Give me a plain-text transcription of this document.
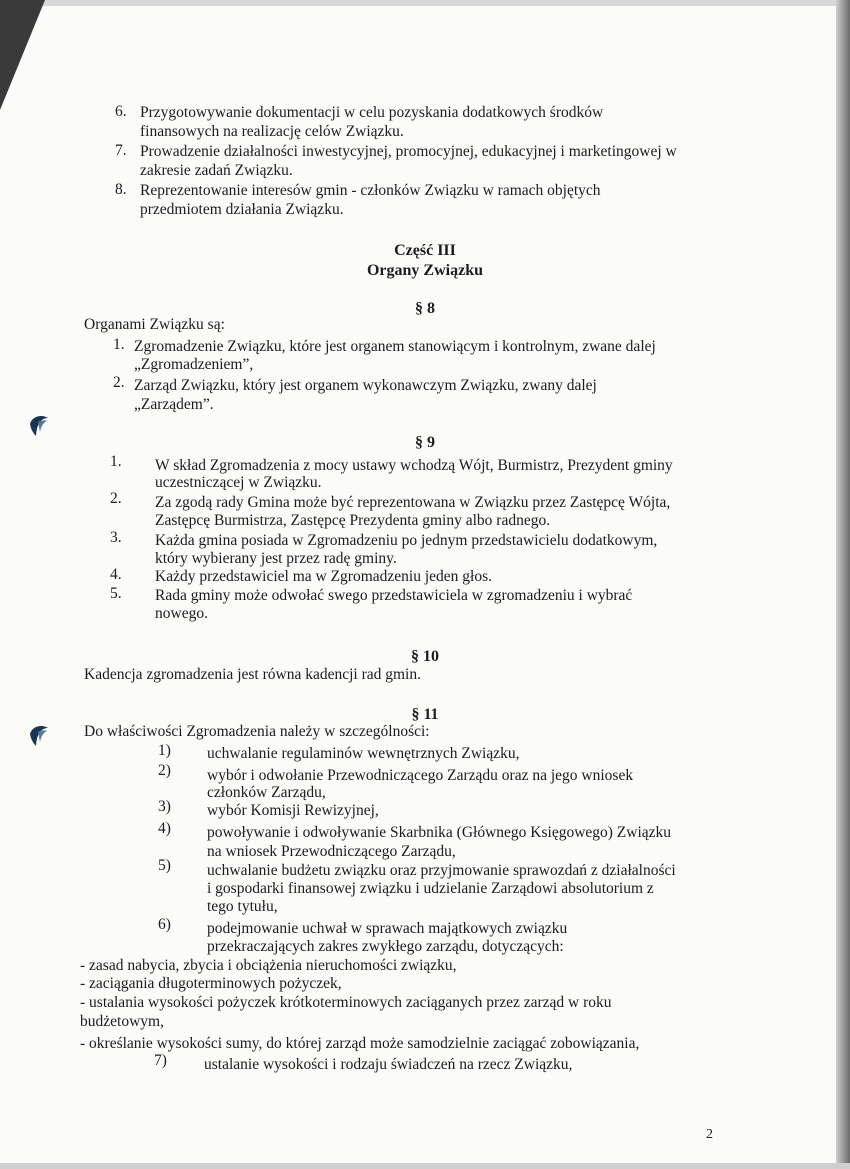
6. Przygotowywanie dokumentacji w celu pozyskania dodatkowych środków
finansowych na realizację celów Związku.
7. Prowadzenie działalności inwestycyjnej, promocyjnej, edukacyjnej i marketingowej w
zakresie zadań Związku.
8. Reprezentowanie interesów gmin - członków Związku w ramach objętych
przedmiotem działania Związku.
Część III
Organy Związku
§ 8
Organami Związku są:
1. Zgromadzenie Związku, które jest organem stanowiącym i kontrolnym, zwane dalej
„Zgromadzeniem”,
2. Zarząd Związku, który jest organem wykonawczym Związku, zwany dalej
„Zarządem”.
§ 9
1. W skład Zgromadzenia z mocy ustawy wchodzą Wójt, Burmistrz, Prezydent gminy
uczestniczącej w Związku.
2. Za zgodą rady Gmina może być reprezentowana w Związku przez Zastępcę Wójta,
Zastępcę Burmistrza, Zastępcę Prezydenta gminy albo radnego.
3. Każda gmina posiada w Zgromadzeniu po jednym przedstawicielu dodatkowym,
który wybierany jest przez radę gminy.
4. Każdy przedstawiciel ma w Zgromadzeniu jeden głos.
5. Rada gminy może odwołać swego przedstawiciela w zgromadzeniu i wybrać
nowego.
§ 10
Kadencja zgromadzenia jest równa kadencji rad gmin.
§ 11
Do właściwości Zgromadzenia należy w szczególności:
1) uchwalanie regulaminów wewnętrznych Związku,
2) wybór i odwołanie Przewodniczącego Zarządu oraz na jego wniosek
członków Zarządu,
3) wybór Komisji Rewizyjnej,
4) powoływanie i odwoływanie Skarbnika (Głównego Księgowego) Związku
na wniosek Przewodniczącego Zarządu,
5) uchwalanie budżetu związku oraz przyjmowanie sprawozdań z działalności
i gospodarki finansowej związku i udzielanie Zarządowi absolutorium z
tego tytułu,
6) podejmowanie uchwał w sprawach majątkowych związku
przekraczających zakres zwykłego zarządu, dotyczących:
- zasad nabycia, zbycia i obciążenia nieruchomości związku,
- zaciągania długoterminowych pożyczek,
- ustalania wysokości pożyczek krótkoterminowych zaciąganych przez zarząd w roku
budżetowym,
- określanie wysokości sumy, do której zarząd może samodzielnie zaciągać zobowiązania,
7) ustalanie wysokości i rodzaju świadczeń na rzecz Związku,
2
